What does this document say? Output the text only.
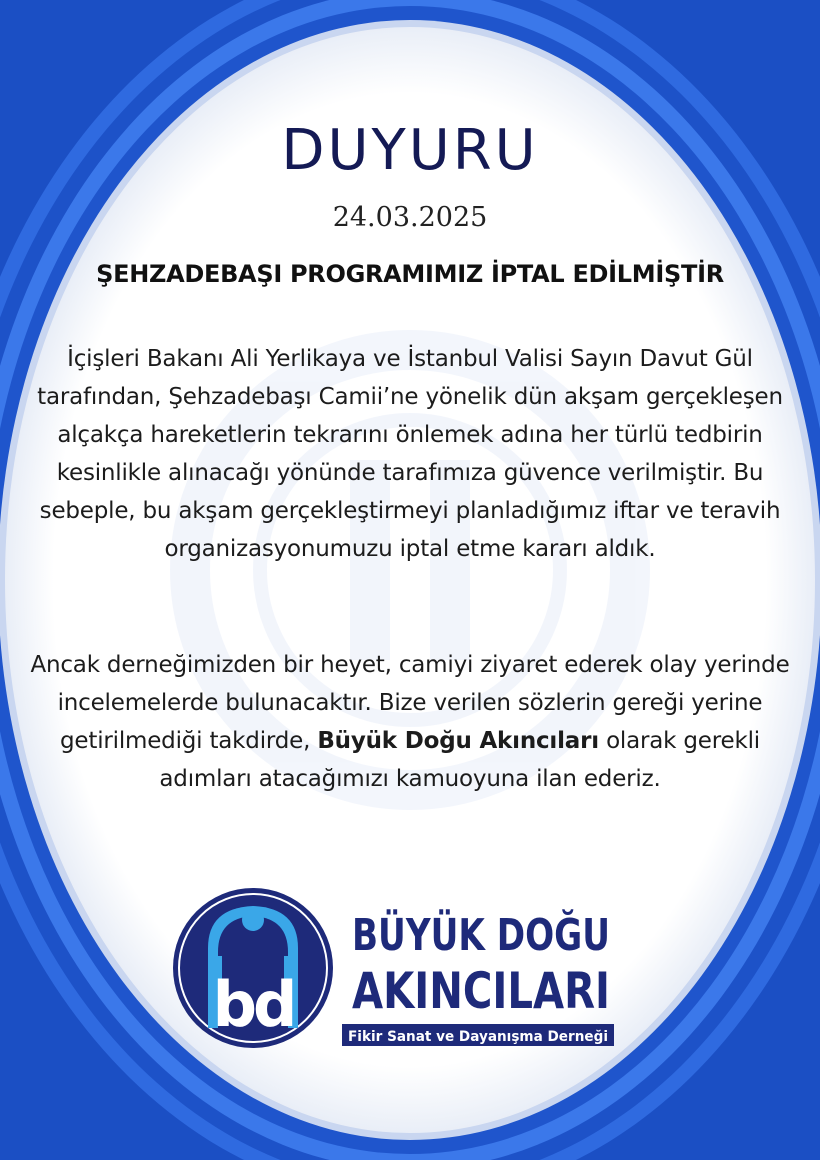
DUYURU
24.03.2025
ŞEHZADEBAŞI PROGRAMIMIZ İPTAL EDİLMİŞTİR
İçişleri Bakanı Ali Yerlikaya ve İstanbul Valisi Sayın Davut Gül tarafından, Şehzadebaşı Camii’ne yönelik dün akşam gerçekleşen alçakça hareketlerin tekrarını önlemek adına her türlü tedbirin kesinlikle alınacağı yönünde tarafımıza güvence verilmiştir. Bu sebeple, bu akşam gerçekleştirmeyi planladığımız iftar ve teravih organizasyonumuzu iptal etme kararı aldık.
Ancak derneğimizden bir heyet, camiyi ziyaret ederek olay yerinde incelemelerde bulunacaktır. Bize verilen sözlerin gereği yerine getirilmediği takdirde, Büyük Doğu Akıncıları olarak gerekli adımları atacağımızı kamuoyuna ilan ederiz.
bd
BÜYÜK DOĞU
AKINCILARI
Fikir Sanat ve Dayanışma Derneği
